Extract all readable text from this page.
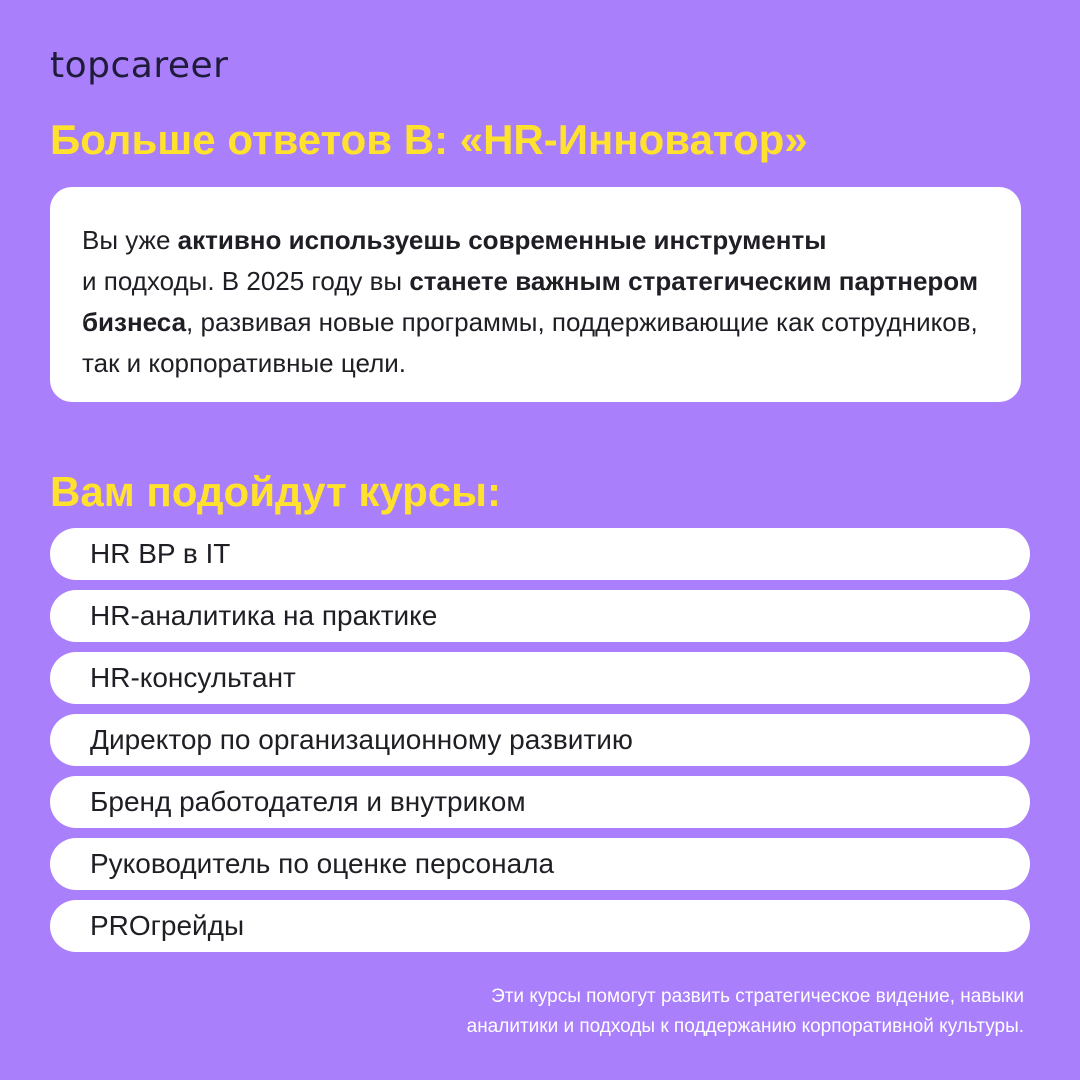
topcareer
Больше ответов В: «HR-Инноватор»

Вы уже активно используешь современные инструменты
и подходы. В 2025 году вы станете важным стратегическим партнером бизнеса, развивая новые программы, поддерживающие как сотрудников, так и корпоративные цели.

Вам подойдут курсы:
HR BP в IT
HR-аналитика на практике
HR-консультант
Директор по организационному развитию
Бренд работодателя и внутриком
Руководитель по оценке персонала
PROгрейды

Эти курсы помогут развить стратегическое видение, навыки
аналитики и подходы к поддержанию корпоративной культуры.
